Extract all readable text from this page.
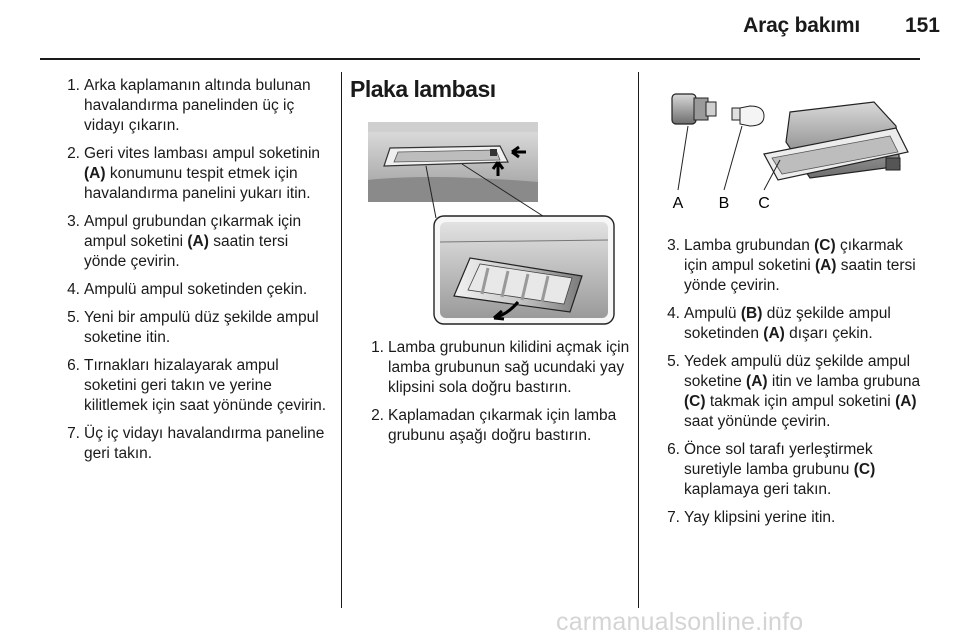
Araç bakımı	151
1. Arka kaplamanın altında bulunan havalandırma panelinden üç iç vidayı çıkarın.
2. Geri vites lambası ampul soketinin (A) konumunu tespit etmek için havalandırma panelini yukarı itin.
3. Ampul grubundan çıkarmak için ampul soketini (A) saatin tersi yönde çevirin.
4. Ampulü ampul soketinden çekin.
5. Yeni bir ampulü düz şekilde ampul soketine itin.
6. Tırnakları hizalayarak ampul soketini geri takın ve yerine kilitlemek için saat yönünde çevirin.
7. Üç iç vidayı havalandırma paneline geri takın.
Plaka lambası
1. Lamba grubunun kilidini açmak için lamba grubunun sağ ucundaki yay klipsini sola doğru bastırın.
2. Kaplamadan çıkarmak için lamba grubunu aşağı doğru bastırın.
A B C
3. Lamba grubundan (C) çıkarmak için ampul soketini (A) saatin tersi yönde çevirin.
4. Ampulü (B) düz şekilde ampul soketinden (A) dışarı çekin.
5. Yedek ampulü düz şekilde ampul soketine (A) itin ve lamba grubuna (C) takmak için ampul soketini (A) saat yönünde çevirin.
6. Önce sol tarafı yerleştirmek suretiyle lamba grubunu (C) kaplamaya geri takın.
7. Yay klipsini yerine itin.
carmanualsonline.info
